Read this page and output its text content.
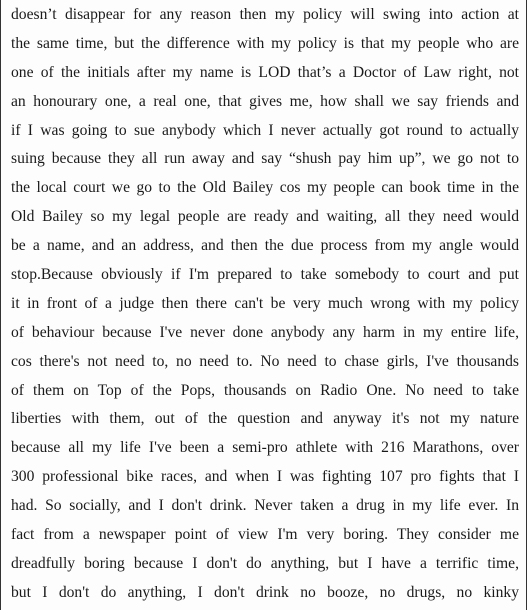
doesn’t disappear for any reason then my policy will swing into action at
the same time, but the difference with my policy is that my people who are
one of the initials after my name is LOD that’s a Doctor of Law right, not
an honourary one, a real one, that gives me, how shall we say friends and
if I was going to sue anybody which I never actually got round to actually
suing because they all run away and say “shush pay him up”, we go not to
the local court we go to the Old Bailey cos my people can book time in the
Old Bailey so my legal people are ready and waiting, all they need would
be a name, and an address, and then the due process from my angle would
stop.Because obviously if I'm prepared to take somebody to court and put
it in front of a judge then there can't be very much wrong with my policy
of behaviour because I've never done anybody any harm in my entire life,
cos there's not need to, no need to. No need to chase girls, I've thousands
of them on Top of the Pops, thousands on Radio One. No need to take
liberties with them, out of the question and anyway it's not my nature
because all my life I've been a semi-pro athlete with 216 Marathons, over
300 professional bike races, and when I was fighting 107 pro fights that I
had. So socially, and I don't drink. Never taken a drug in my life ever. In
fact from a newspaper point of view I'm very boring. They consider me
dreadfully boring because I don't do anything, but I have a terrific time,
but I don't do anything, I don't drink no booze, no drugs, no kinky
